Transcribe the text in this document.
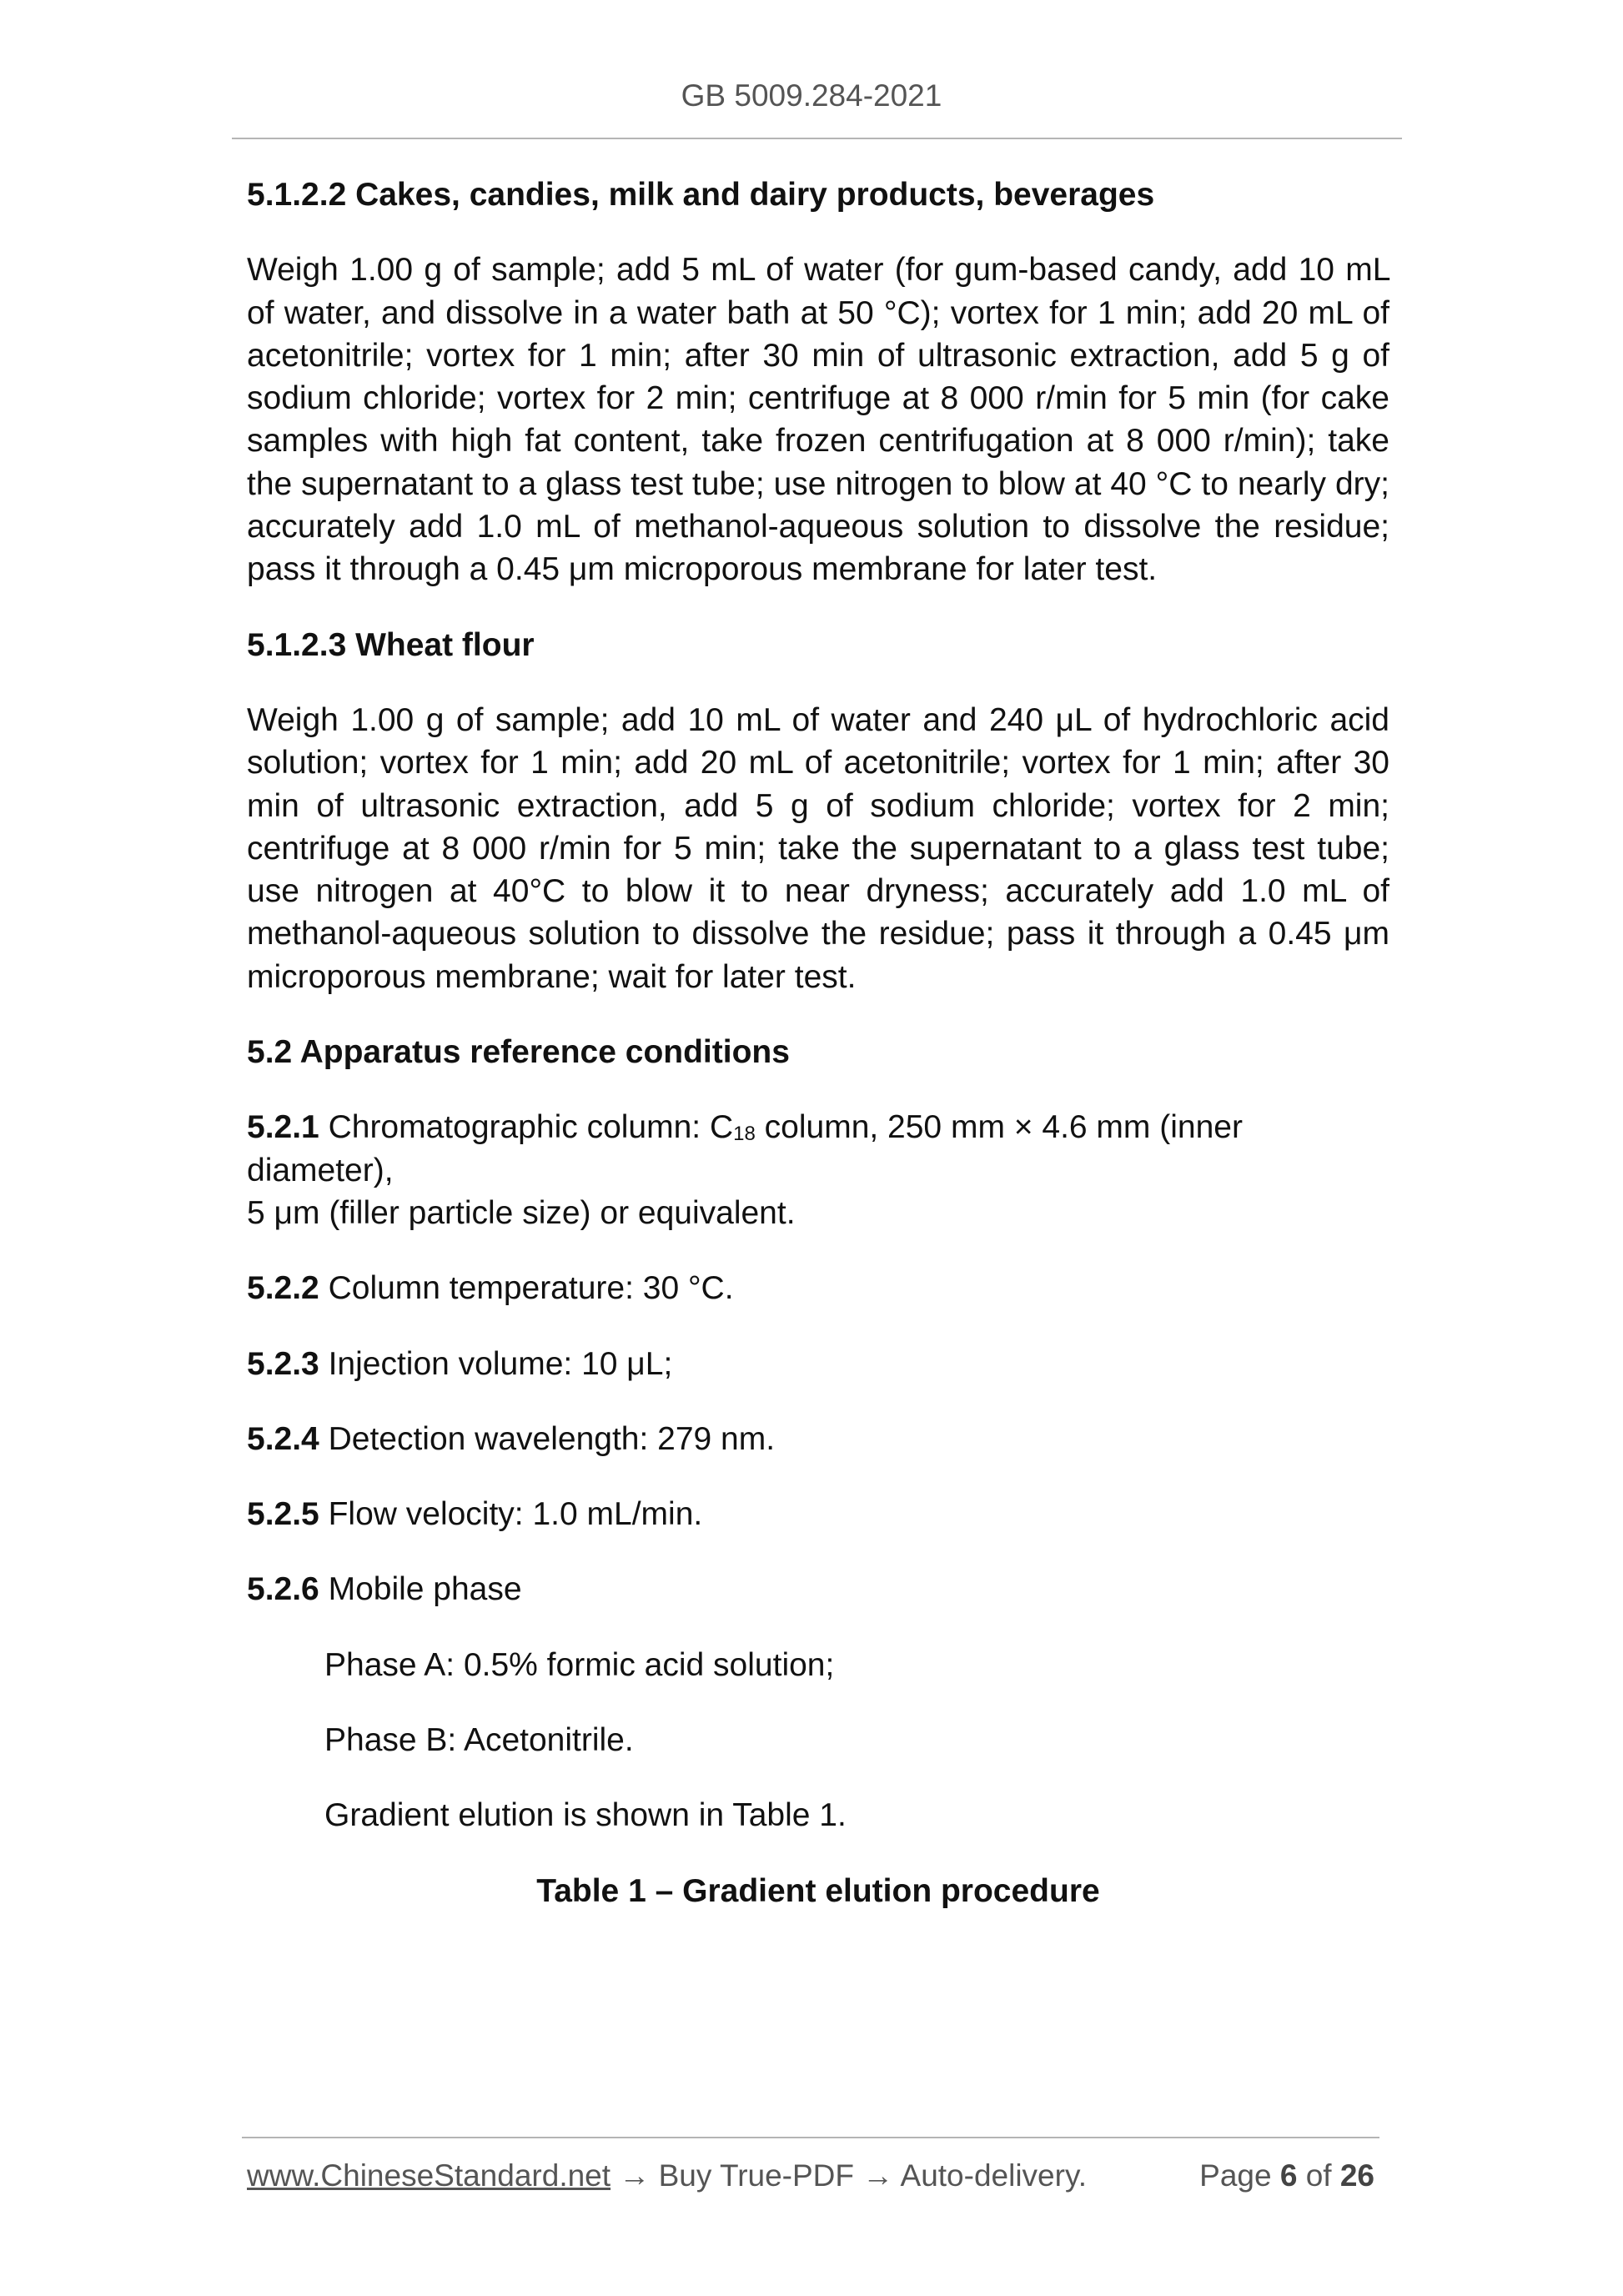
GB 5009.284-2021

5.1.2.2 Cakes, candies, milk and dairy products, beverages

Weigh 1.00 g of sample; add 5 mL of water (for gum-based candy, add 10 mL of water, and dissolve in a water bath at 50 °C); vortex for 1 min; add 20 mL of acetonitrile; vortex for 1 min; after 30 min of ultrasonic extraction, add 5 g of sodium chloride; vortex for 2 min; centrifuge at 8 000 r/min for 5 min (for cake samples with high fat content, take frozen centrifugation at 8 000 r/min); take the supernatant to a glass test tube; use nitrogen to blow at 40 °C to nearly dry; accurately add 1.0 mL of methanol-aqueous solution to dissolve the residue; pass it through a 0.45 μm microporous membrane for later test.

5.1.2.3 Wheat flour

Weigh 1.00 g of sample; add 10 mL of water and 240 μL of hydrochloric acid solution; vortex for 1 min; add 20 mL of acetonitrile; vortex for 1 min; after 30 min of ultrasonic extraction, add 5 g of sodium chloride; vortex for 2 min; centrifuge at 8 000 r/min for 5 min; take the supernatant to a glass test tube; use nitrogen at 40°C to blow it to near dryness; accurately add 1.0 mL of methanol-aqueous solution to dissolve the residue; pass it through a 0.45 μm microporous membrane; wait for later test.

5.2 Apparatus reference conditions

5.2.1 Chromatographic column: $C_{18}$ column, 250 mm × 4.6 mm (inner diameter),
5 μm (filler particle size) or equivalent.

5.2.2 Column temperature: 30 °C.

5.2.3 Injection volume: 10 μL;

5.2.4 Detection wavelength: 279 nm.

5.2.5 Flow velocity: 1.0 mL/min.

5.2.6 Mobile phase

Phase A: 0.5% formic acid solution;

Phase B: Acetonitrile.

Gradient elution is shown in Table 1.

Table 1 – Gradient elution procedure

www.ChineseStandard.net → Buy True-PDF → Auto-delivery.	Page 6 of 26
